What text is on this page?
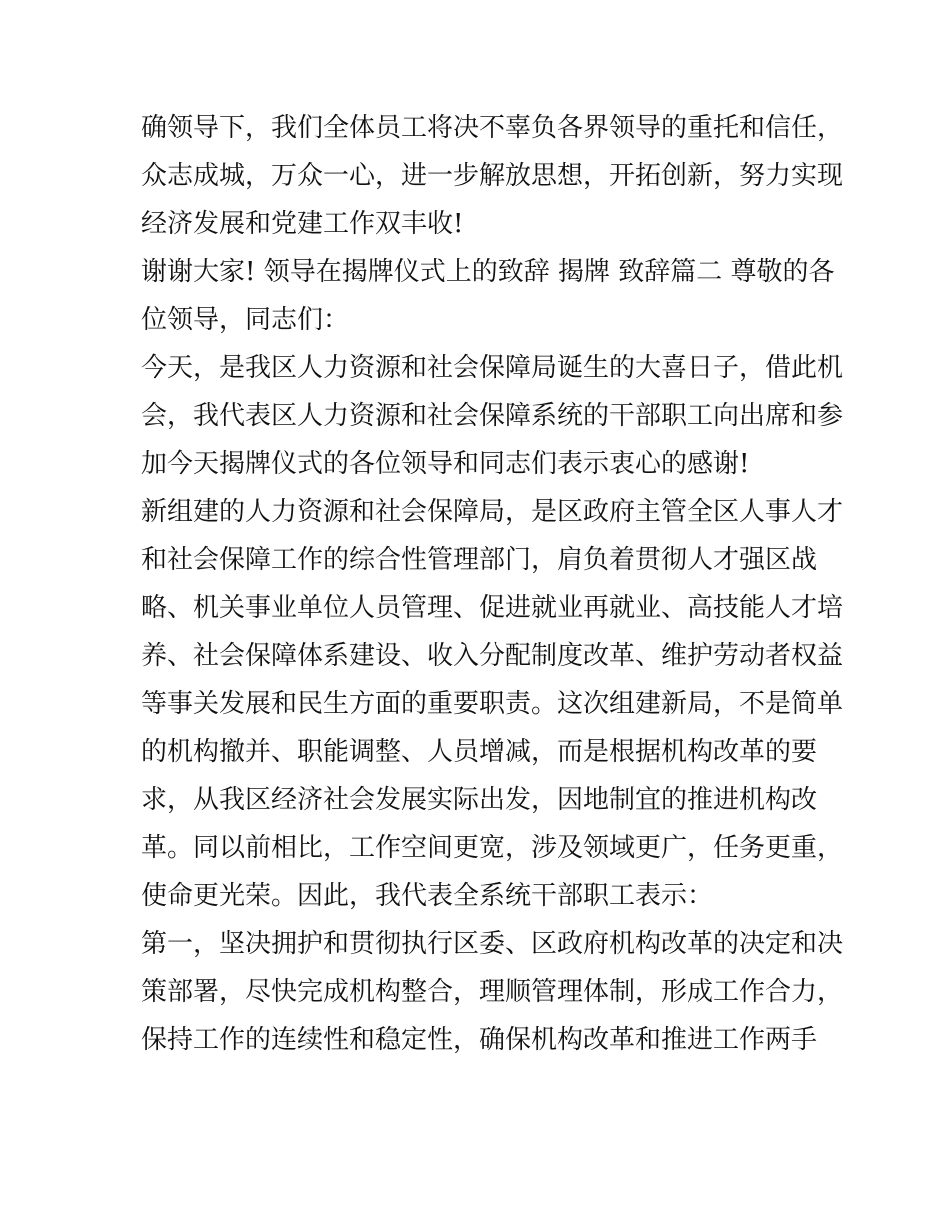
确领导下，我们全体员工将决不辜负各界领导的重托和信任，
众志成城，万众一心，进一步解放思想，开拓创新，努力实现
经济发展和党建工作双丰收!
谢谢大家! 领导在揭牌仪式上的致辞 揭牌 致辞篇二 尊敬的各
位领导，同志们：
今天，是我区人力资源和社会保障局诞生的大喜日子，借此机
会，我代表区人力资源和社会保障系统的干部职工向出席和参
加今天揭牌仪式的各位领导和同志们表示衷心的感谢!
新组建的人力资源和社会保障局，是区政府主管全区人事人才
和社会保障工作的综合性管理部门，肩负着贯彻人才强区战
略、机关事业单位人员管理、促进就业再就业、高技能人才培
养、社会保障体系建设、收入分配制度改革、维护劳动者权益
等事关发展和民生方面的重要职责。这次组建新局，不是简单
的机构撤并、职能调整、人员增减，而是根据机构改革的要
求，从我区经济社会发展实际出发，因地制宜的推进机构改
革。同以前相比，工作空间更宽，涉及领域更广，任务更重，
使命更光荣。因此，我代表全系统干部职工表示：
第一，坚决拥护和贯彻执行区委、区政府机构改革的决定和决
策部署，尽快完成机构整合，理顺管理体制，形成工作合力，
保持工作的连续性和稳定性，确保机构改革和推进工作两手
